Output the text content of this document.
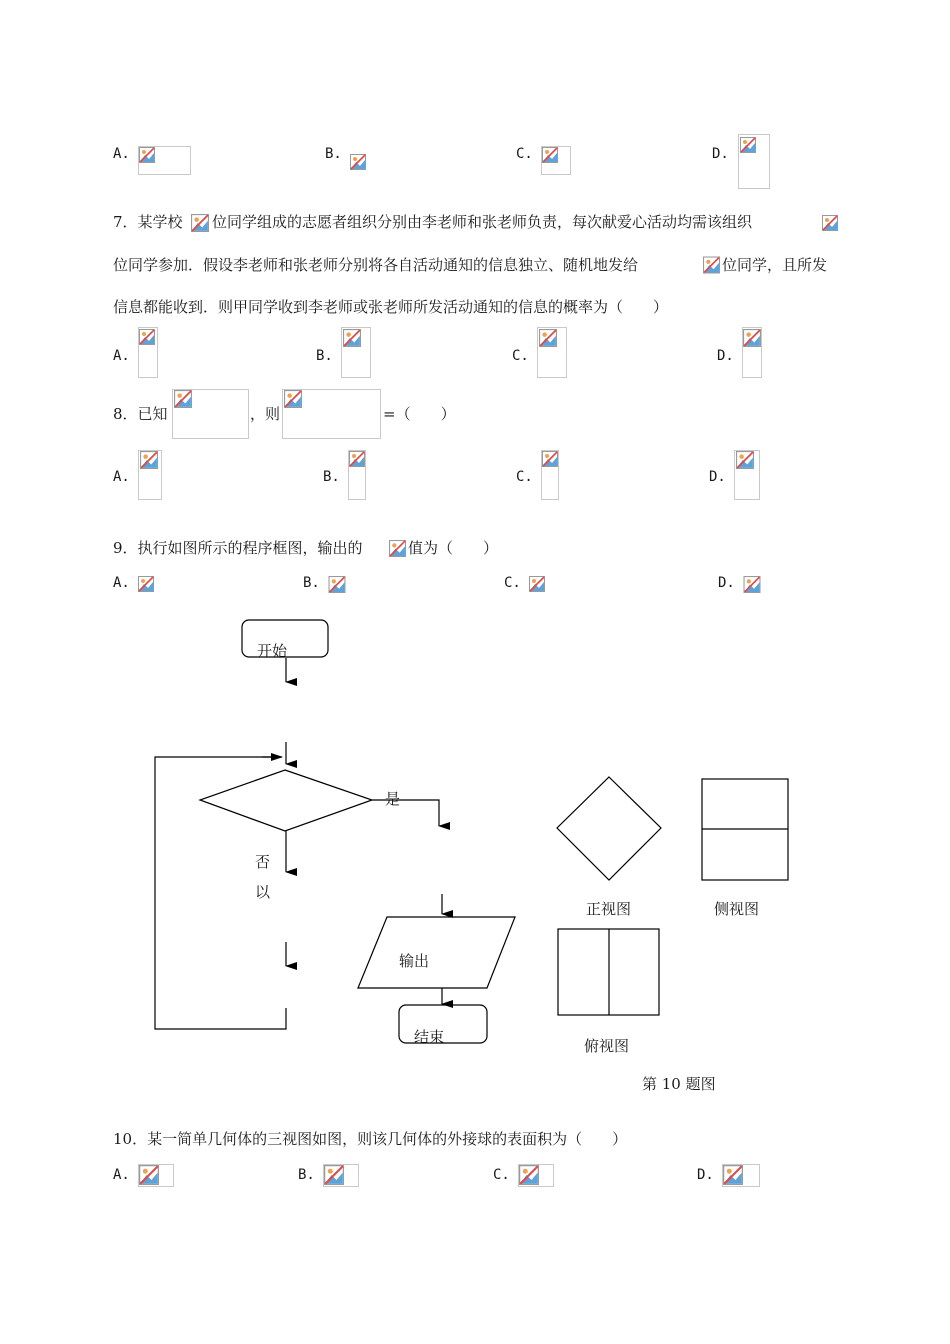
A.	B.	C.	D.
7．某学校 位同学组成的志愿者组织分别由李老师和张老师负责，每次献爱心活动均需该组织
位同学参加．假设李老师和张老师分别将各自活动通知的信息独立、随机地发给	位同学，且所发
信息都能收到．则甲同学收到李老师或张老师所发活动通知的信息的概率为（　　）
A.	B.	C.	D.
8．已知	，则	=（　　）
A.	B.	C.	D.
9．执行如图所示的程序框图，输出的	值为（　　）
A.	B.	C.	D.
开始
是
否
以
输出
结束
正视图	侧视图
俯视图
第 10 题图
10．某一简单几何体的三视图如图，则该几何体的外接球的表面积为（　　）
A.	B.	C.	D.
